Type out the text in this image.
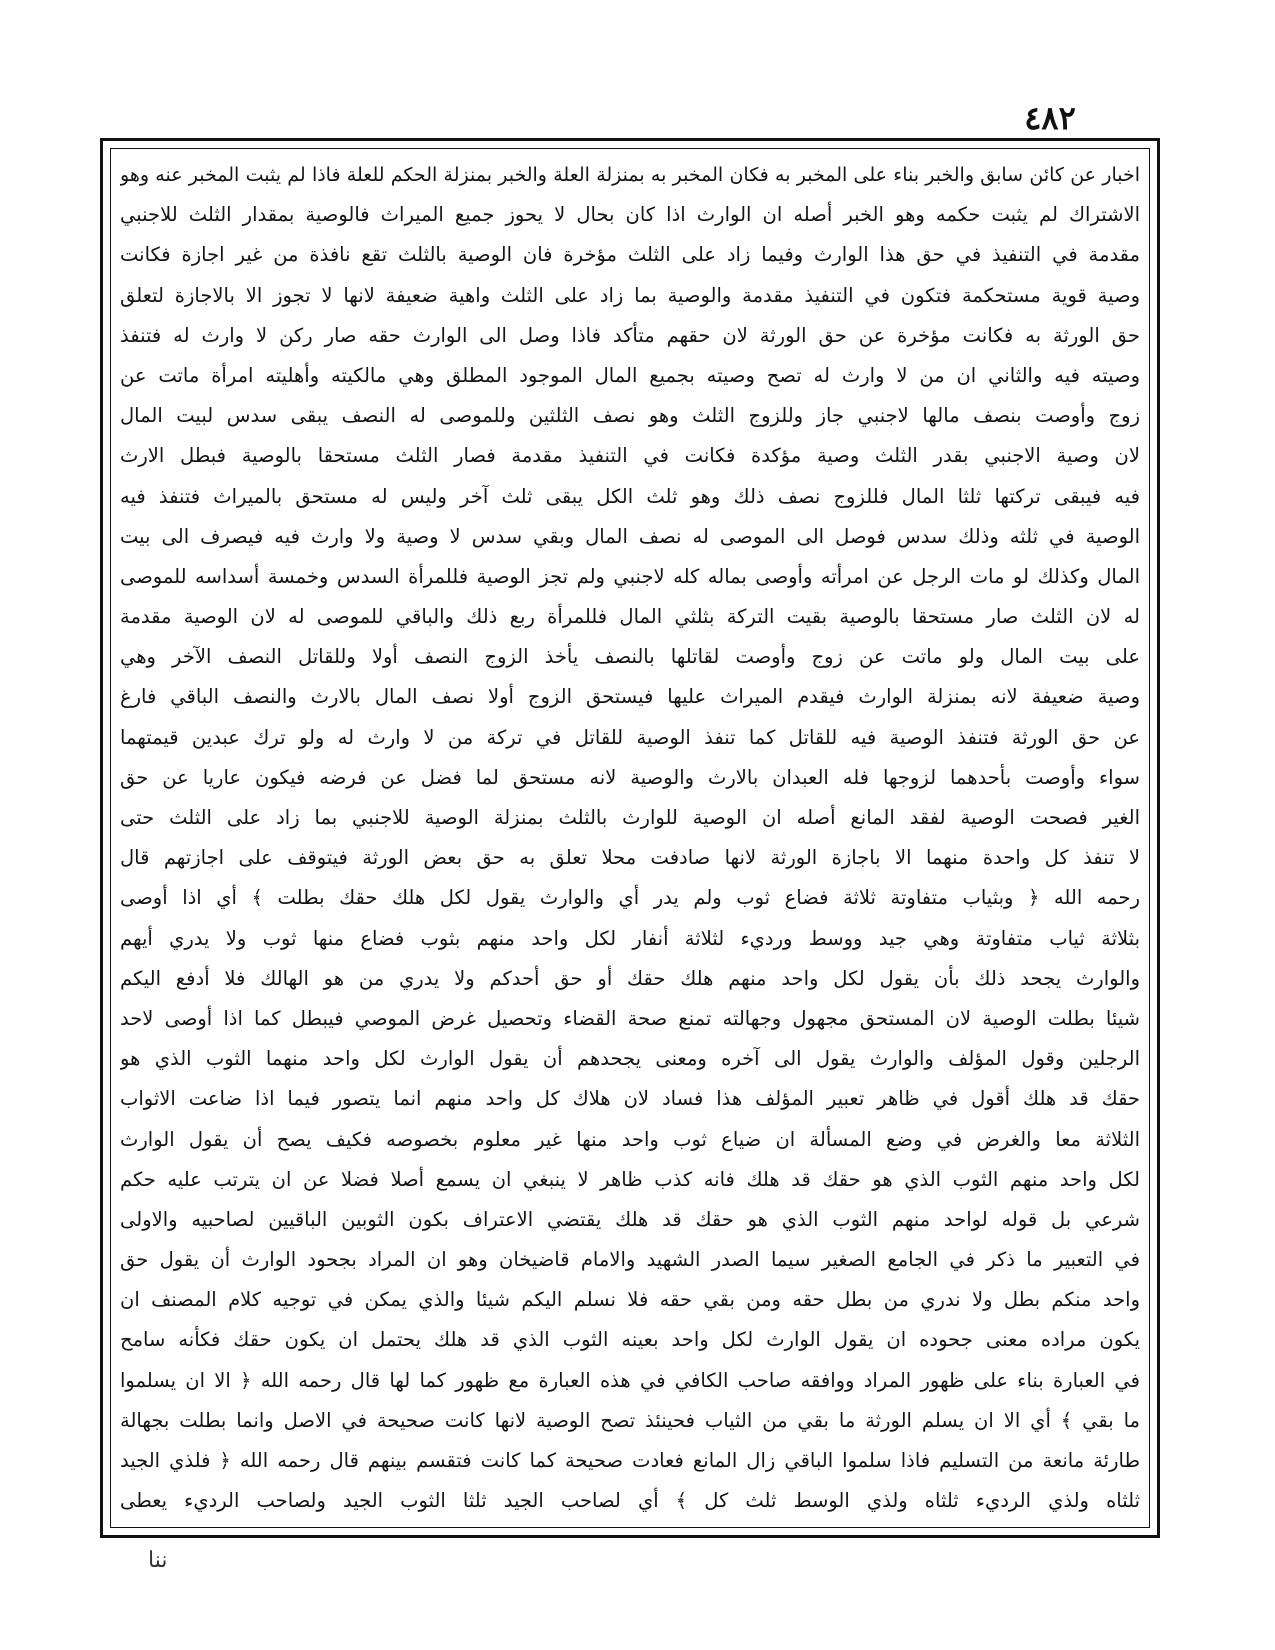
٤٨٢
اخبار عن كائن سابق والخبر بناء على المخبر به فكان المخبر به بمنزلة العلة والخبر بمنزلة الحكم للعلة فاذا لم يثبت المخبر عنه وهو
الاشتراك لم يثبت حكمه وهو الخبر أصله ان الوارث اذا كان بحال لا يحوز جميع الميراث فالوصية بمقدار الثلث للاجنبي
مقدمة في التنفيذ في حق هذا الوارث وفيما زاد على الثلث مؤخرة فان الوصية بالثلث تقع نافذة من غير اجازة فكانت
وصية قوية مستحكمة فتكون في التنفيذ مقدمة والوصية بما زاد على الثلث واهية ضعيفة لانها لا تجوز الا بالاجازة لتعلق
حق الورثة به فكانت مؤخرة عن حق الورثة لان حقهم متأكد فاذا وصل الى الوارث حقه صار ركن لا وارث له فتنفذ
وصيته فيه والثاني ان من لا وارث له تصح وصيته بجميع المال الموجود المطلق وهي مالكيته وأهليته امرأة ماتت عن
زوج وأوصت بنصف مالها لاجنبي جاز وللزوج الثلث وهو نصف الثلثين وللموصى له النصف يبقى سدس لبيت المال
لان وصية الاجنبي بقدر الثلث وصية مؤكدة فكانت في التنفيذ مقدمة فصار الثلث مستحقا بالوصية فبطل الارث
فيه فيبقى تركتها ثلثا المال فللزوج نصف ذلك وهو ثلث الكل يبقى ثلث آخر وليس له مستحق بالميراث فتنفذ فيه
الوصية في ثلثه وذلك سدس فوصل الى الموصى له نصف المال وبقي سدس لا وصية ولا وارث فيه فيصرف الى بيت
المال وكذلك لو مات الرجل عن امرأته وأوصى بماله كله لاجنبي ولم تجز الوصية فللمرأة السدس وخمسة أسداسه للموصى
له لان الثلث صار مستحقا بالوصية بقيت التركة بثلثي المال فللمرأة ربع ذلك والباقي للموصى له لان الوصية مقدمة
على بيت المال ولو ماتت عن زوج وأوصت لقاتلها بالنصف يأخذ الزوج النصف أولا وللقاتل النصف الآخر وهي
وصية ضعيفة لانه بمنزلة الوارث فيقدم الميراث عليها فيستحق الزوج أولا نصف المال بالارث والنصف الباقي فارغ
عن حق الورثة فتنفذ الوصية فيه للقاتل كما تنفذ الوصية للقاتل في تركة من لا وارث له ولو ترك عبدين قيمتهما
سواء وأوصت بأحدهما لزوجها فله العبدان بالارث والوصية لانه مستحق لما فضل عن فرضه فيكون عاريا عن حق
الغير فصحت الوصية لفقد المانع أصله ان الوصية للوارث بالثلث بمنزلة الوصية للاجنبي بما زاد على الثلث حتى
لا تنفذ كل واحدة منهما الا باجازة الورثة لانها صادفت محلا تعلق به حق بعض الورثة فيتوقف على اجازتهم قال
رحمه الله ﴿ وبثياب متفاوتة ثلاثة فضاع ثوب ولم يدر أي والوارث يقول لكل هلك حقك بطلت ﴾ أي اذا أوصى
بثلاثة ثياب متفاوتة وهي جيد ووسط ورديء لثلاثة أنفار لكل واحد منهم بثوب فضاع منها ثوب ولا يدري أيهم
والوارث يجحد ذلك بأن يقول لكل واحد منهم هلك حقك أو حق أحدكم ولا يدري من هو الهالك فلا أدفع اليكم
شيئا بطلت الوصية لان المستحق مجهول وجهالته تمنع صحة القضاء وتحصيل غرض الموصي فيبطل كما اذا أوصى لاحد
الرجلين وقول المؤلف والوارث يقول الى آخره ومعنى يجحدهم أن يقول الوارث لكل واحد منهما الثوب الذي هو
حقك قد هلك أقول في ظاهر تعبير المؤلف هذا فساد لان هلاك كل واحد منهم انما يتصور فيما اذا ضاعت الاثواب
الثلاثة معا والغرض في وضع المسألة ان ضياع ثوب واحد منها غير معلوم بخصوصه فكيف يصح أن يقول الوارث
لكل واحد منهم الثوب الذي هو حقك قد هلك فانه كذب ظاهر لا ينبغي ان يسمع أصلا فضلا عن ان يترتب عليه حكم
شرعي بل قوله لواحد منهم الثوب الذي هو حقك قد هلك يقتضي الاعتراف بكون الثوبين الباقيين لصاحبيه والاولى
في التعبير ما ذكر في الجامع الصغير سيما الصدر الشهيد والامام قاضيخان وهو ان المراد بجحود الوارث أن يقول حق
واحد منكم بطل ولا ندري من بطل حقه ومن بقي حقه فلا نسلم اليكم شيئا والذي يمكن في توجيه كلام المصنف ان
يكون مراده معنى جحوده ان يقول الوارث لكل واحد بعينه الثوب الذي قد هلك يحتمل ان يكون حقك فكأنه سامح
في العبارة بناء على ظهور المراد ووافقه صاحب الكافي في هذه العبارة مع ظهور كما لها قال رحمه الله ﴿ الا ان يسلموا
ما بقي ﴾ أي الا ان يسلم الورثة ما بقي من الثياب فحينئذ تصح الوصية لانها كانت صحيحة في الاصل وانما بطلت بجهالة
طارئة مانعة من التسليم فاذا سلموا الباقي زال المانع فعادت صحيحة كما كانت فتقسم بينهم قال رحمه الله ﴿ فلذي الجيد
ثلثاه ولذي الرديء ثلثاه ولذي الوسط ثلث كل ﴾ أي لصاحب الجيد ثلثا الثوب الجيد ولصاحب الرديء يعطى
ننا
